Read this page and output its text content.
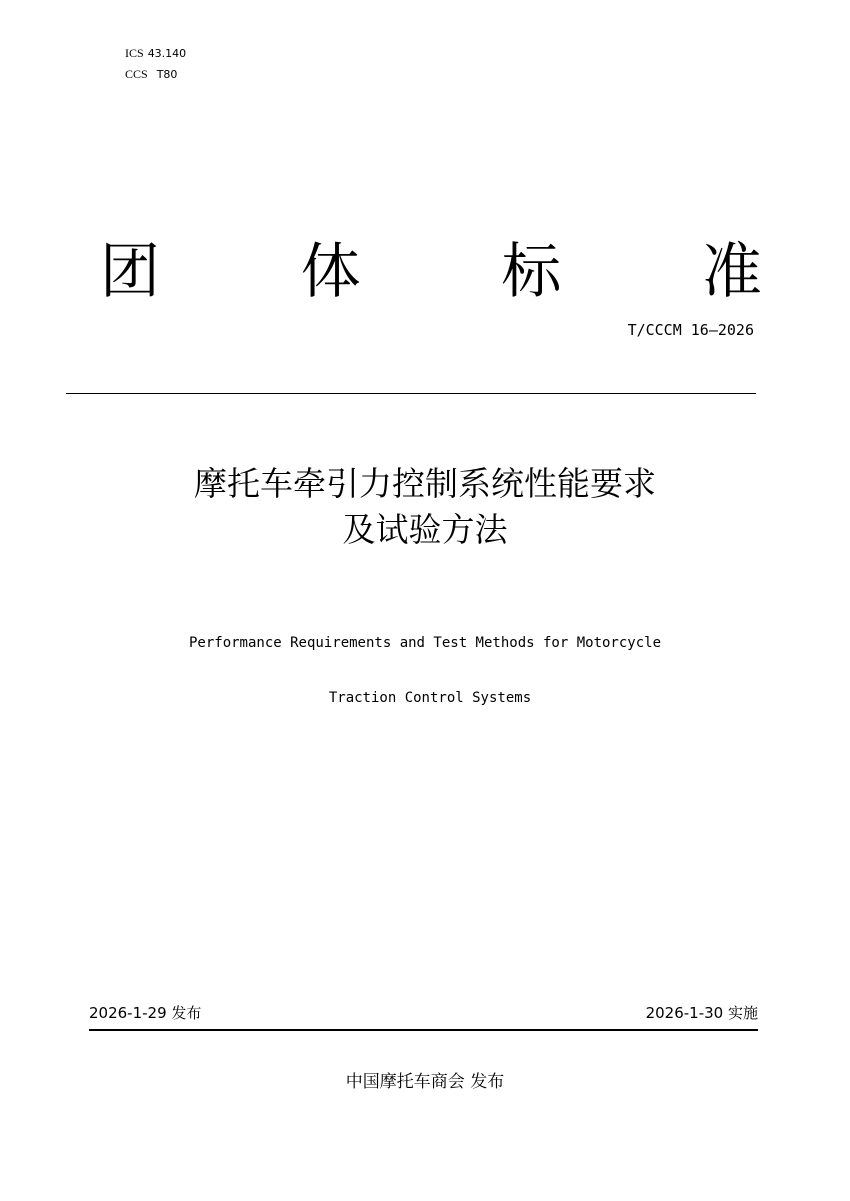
ICS 43.140
CCS T80
团 体 标 准
T/CCCM 16—2026
摩托车牵引力控制系统性能要求
及试验方法
Performance Requirements and Test Methods for Motorcycle
Traction Control Systems
2026-1-29 发布	2026-1-30 实施
中国摩托车商会 发布
